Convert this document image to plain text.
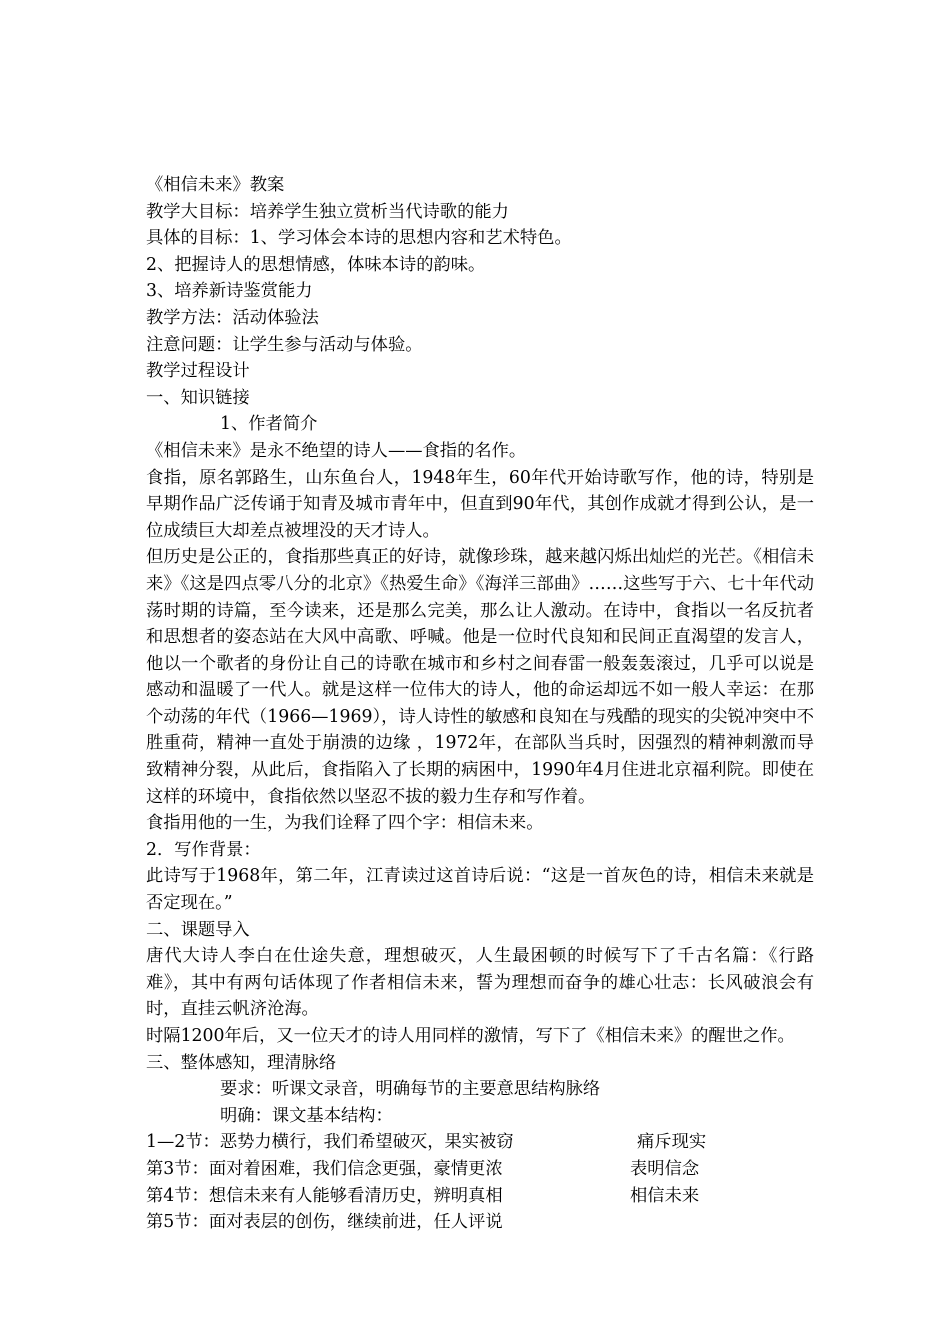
《相信未来》教案
教学大目标：培养学生独立赏析当代诗歌的能力
具体的目标：1、学习体会本诗的思想内容和艺术特色。
2、把握诗人的思想情感，体味本诗的韵味。
3、培养新诗鉴赏能力
教学方法：活动体验法
注意问题：让学生参与活动与体验。
教学过程设计
一、知识链接
1、作者简介
《相信未来》是永不绝望的诗人——食指的名作。
食指，原名郭路生，山东鱼台人，1948年生，60年代开始诗歌写作，他的诗，特别是早期作品广泛传诵于知青及城市青年中，但直到90年代，其创作成就才得到公认，是一位成绩巨大却差点被埋没的天才诗人。
但历史是公正的，食指那些真正的好诗，就像珍珠，越来越闪烁出灿烂的光芒。《相信未来》《这是四点零八分的北京》《热爱生命》《海洋三部曲》……这些写于六、七十年代动荡时期的诗篇，至今读来，还是那么完美，那么让人激动。在诗中，食指以一名反抗者和思想者的姿态站在大风中高歌、呼喊。他是一位时代良知和民间正直渴望的发言人，他以一个歌者的身份让自己的诗歌在城市和乡村之间春雷一般轰轰滚过，几乎可以说是感动和温暖了一代人。就是这样一位伟大的诗人，他的命运却远不如一般人幸运：在那个动荡的年代（1966—1969），诗人诗性的敏感和良知在与残酷的现实的尖锐冲突中不胜重荷，精神一直处于崩溃的边缘 ，1972年，在部队当兵时，因强烈的精神刺激而导致精神分裂，从此后，食指陷入了长期的病困中，1990年4月住进北京福利院。即使在这样的环境中，食指依然以坚忍不拔的毅力生存和写作着。
食指用他的一生，为我们诠释了四个字：相信未来。
2．写作背景：
此诗写于1968年，第二年，江青读过这首诗后说：“这是一首灰色的诗，相信未来就是否定现在。”
二、课题导入
唐代大诗人李白在仕途失意，理想破灭，人生最困顿的时候写下了千古名篇：《行路难》，其中有两句话体现了作者相信未来，誓为理想而奋争的雄心壮志：长风破浪会有时，直挂云帆济沧海。
时隔1200年后，又一位天才的诗人用同样的激情，写下了《相信未来》的醒世之作。
三、整体感知，理清脉络
要求：听课文录音，明确每节的主要意思结构脉络
明确：课文基本结构：
1—2节：恶势力横行，我们希望破灭，果实被窃	痛斥现实
第3节：面对着困难，我们信念更强，豪情更浓	表明信念
第4节：想信未来有人能够看清历史，辨明真相	相信未来
第5节：面对表层的创伤，继续前进，任人评说
